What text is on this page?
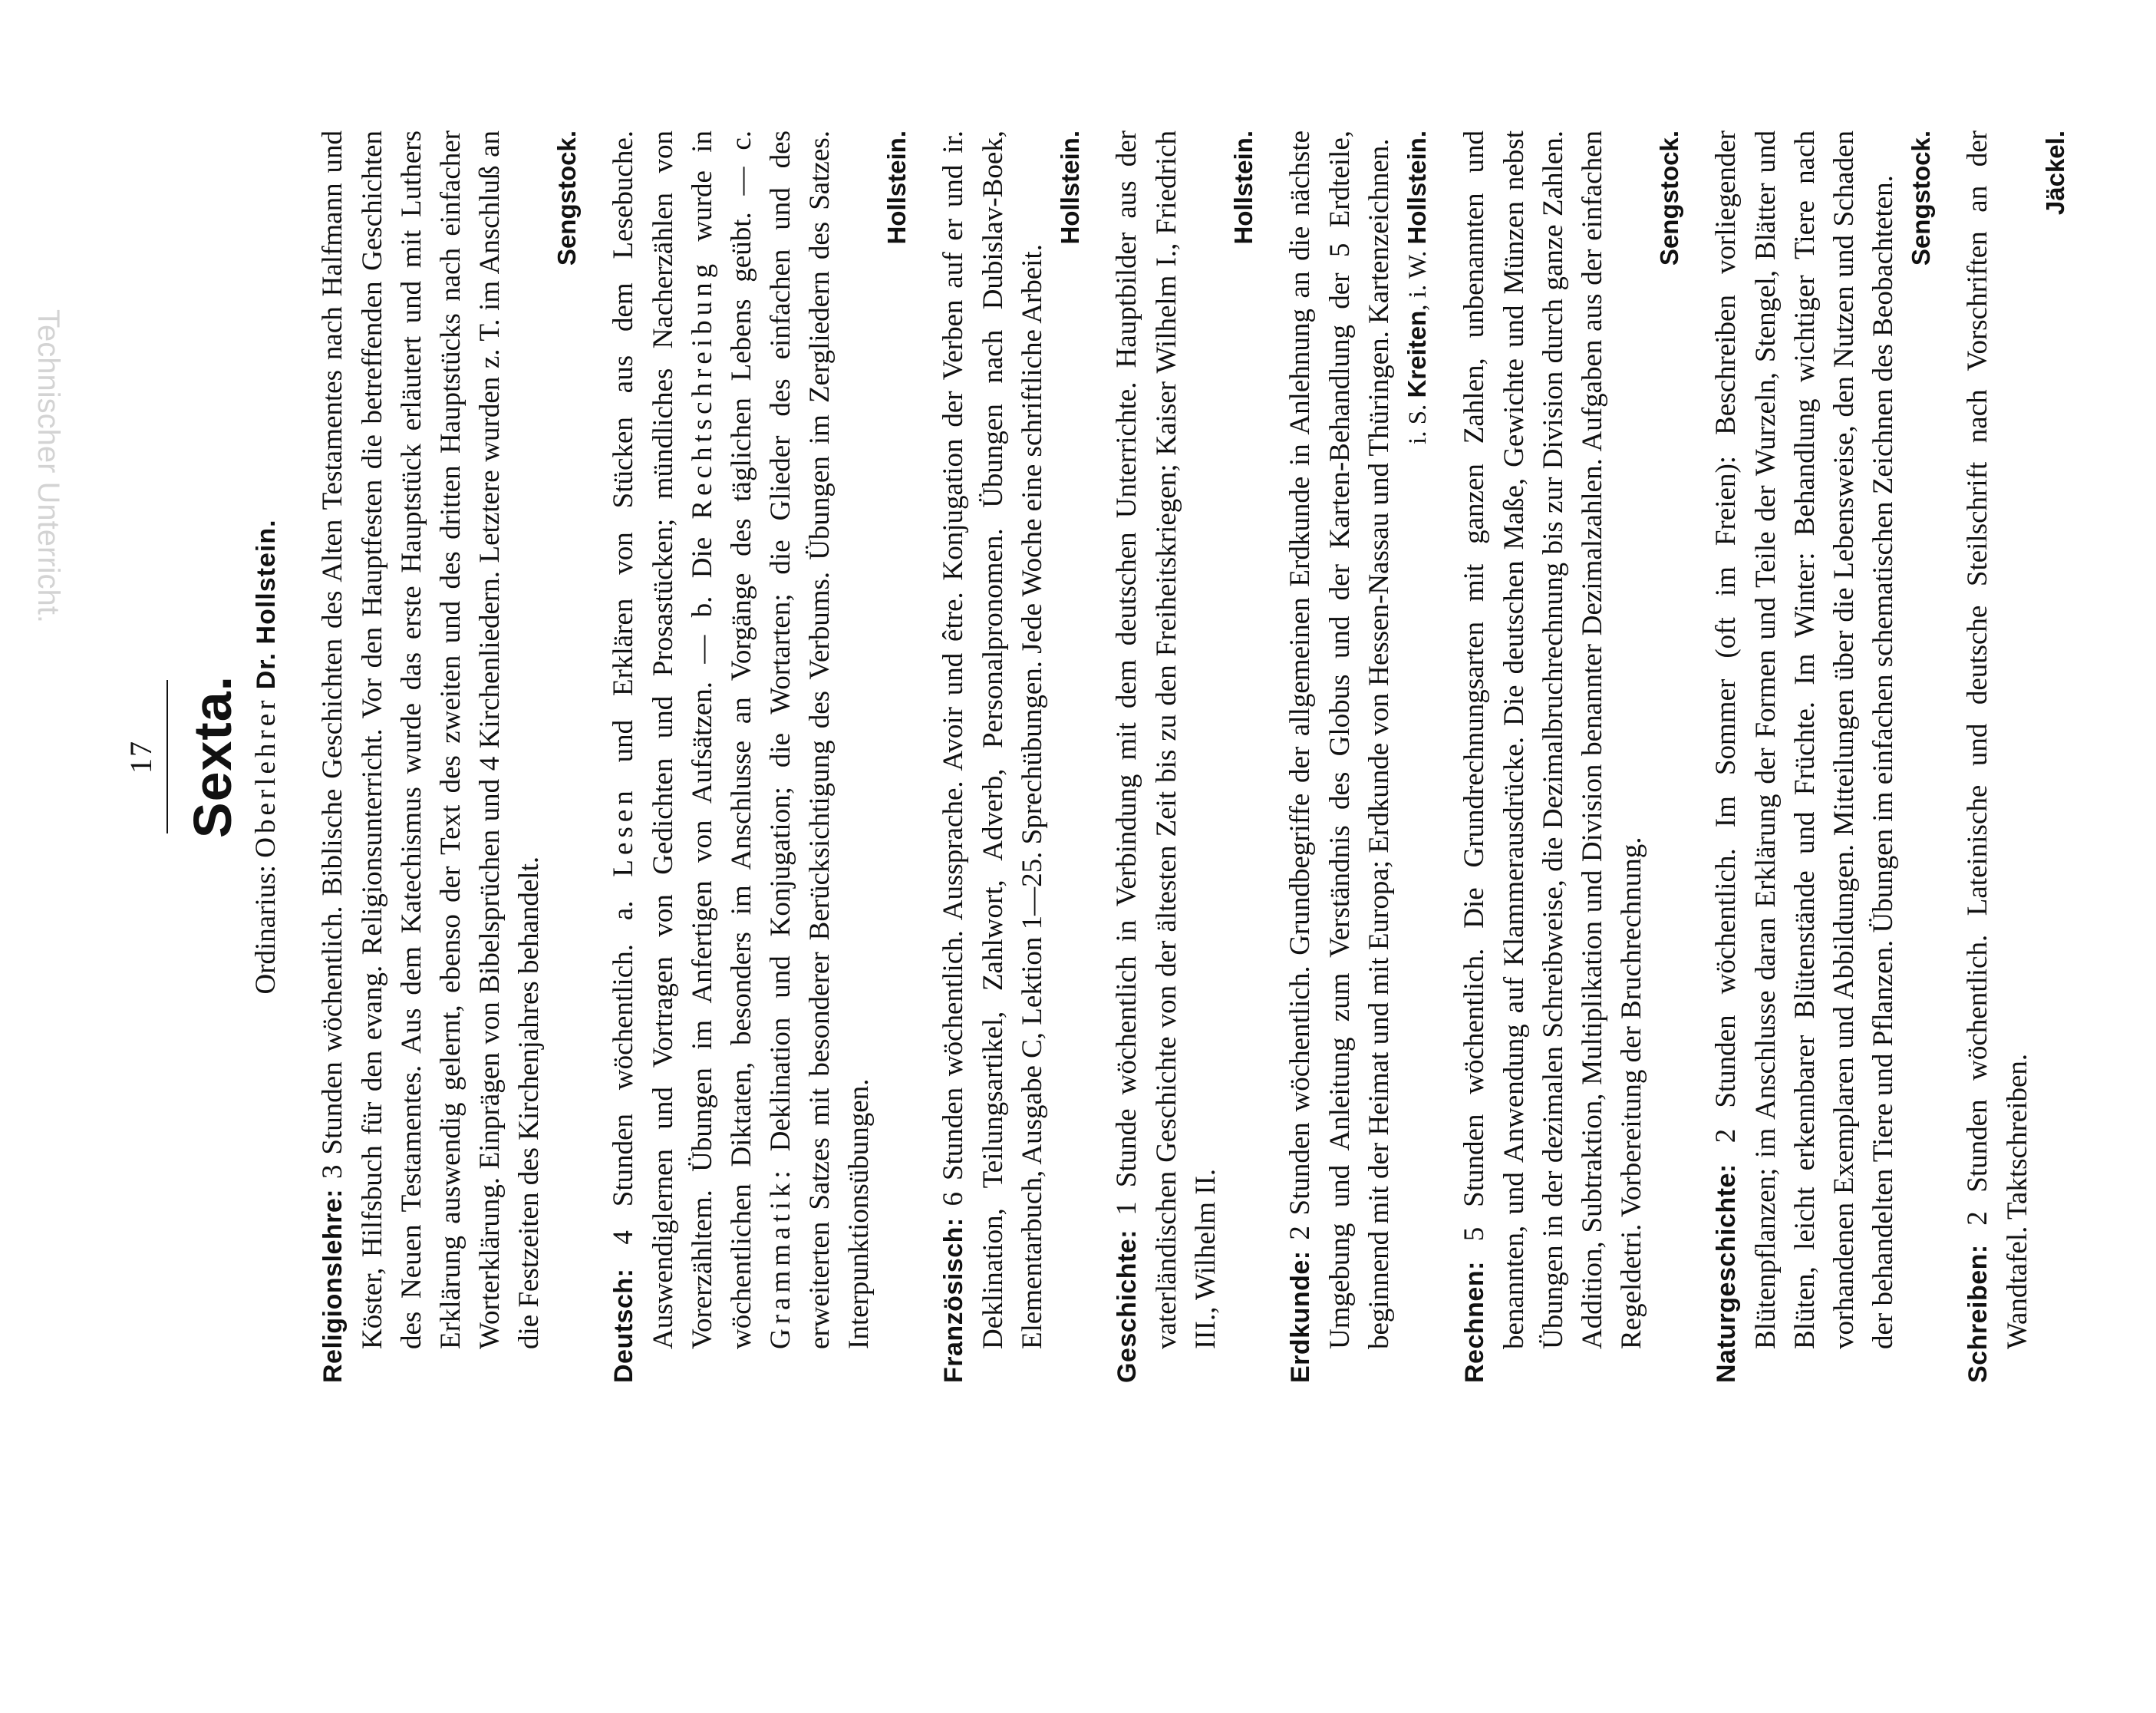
Technischer Unterricht.
17 Sexta.
Ordinarius: Oberlehrer Dr. Hollstein.

Religionslehre: 3 Stunden wöchentlich. Biblische Geschichten des Alten Testamentes nach Halfmann und Köster, Hilfsbuch für den evang. Religionsunterricht. Vor den Hauptfesten die betreffenden Geschichten des Neuen Testamentes. Aus dem Katechismus wurde das erste Hauptstück erläutert und mit Luthers Erklärung auswendig gelernt, ebenso der Text des zweiten und des dritten Hauptstücks nach einfacher Worterklärung. Einprägen von Bibelsprüchen und 4 Kirchenliedern. Letztere wurden z. T. im Anschluß an die Festzeiten des Kirchenjahres behandelt.
Sengstock.

Deutsch: 4 Stunden wöchentlich. a. Lesen und Erklären von Stücken aus dem Lesebuche. Auswendiglernen und Vortragen von Gedichten und Prosastücken; mündliches Nacherzählen von Vorerzähltem. Übungen im Anfertigen von Aufsätzen. — b. Die Rechtschreibung wurde in wöchentlichen Diktaten, besonders im Anschlusse an Vorgänge des täglichen Lebens geübt. — c. Grammatik: Deklination und Konjugation; die Wortarten; die Glieder des einfachen und des erweiterten Satzes mit besonderer Berücksichtigung des Verbums. Übungen im Zergliedern des Satzes. Interpunktionsübungen.
Hollstein.

Französisch: 6 Stunden wöchentlich. Aussprache. Avoir und être. Konjugation der Verben auf er und ir. Deklination, Teilungsartikel, Zahlwort, Adverb, Personalpronomen. Übungen nach Dubislav-Boek, Elementarbuch, Ausgabe C, Lektion 1—25. Sprechübungen. Jede Woche eine schriftliche Arbeit.
Hollstein.

Geschichte: 1 Stunde wöchentlich in Verbindung mit dem deutschen Unterrichte. Hauptbilder aus der vaterländischen Geschichte von der ältesten Zeit bis zu den Freiheitskriegen; Kaiser Wilhelm I., Friedrich III., Wilhelm II.
Hollstein.

Erdkunde: 2 Stunden wöchentlich. Grundbegriffe der allgemeinen Erdkunde in Anlehnung an die nächste Umgebung und Anleitung zum Verständnis des Globus und der Karten-Behandlung der 5 Erdteile, beginnend mit der Heimat und mit Europa; Erdkunde von Hessen-Nassau und Thüringen. Kartenzeichnen. i. S. Kreiten, i. W. Hollstein.

Rechnen: 5 Stunden wöchentlich. Die Grundrechnungsarten mit ganzen Zahlen, unbenannten und benannten, und Anwendung auf Klammerausdrücke. Die deutschen Maße, Gewichte und Münzen nebst Übungen in der dezimalen Schreibweise, die Dezimalbruchrechnung bis zur Division durch ganze Zahlen. Addition, Subtraktion, Multiplikation und Division benannter Dezimalzahlen. Aufgaben aus der einfachen Regeldetri. Vorbereitung der Bruchrechnung.
Sengstock.

Naturgeschichte: 2 Stunden wöchentlich. Im Sommer (oft im Freien): Beschreiben vorliegender Blütenpflanzen; im Anschlusse daran Erklärung der Formen und Teile der Wurzeln, Stengel, Blätter und Blüten, leicht erkennbarer Blütenstände und Früchte. Im Winter: Behandlung wichtiger Tiere nach vorhandenen Exemplaren und Abbildungen. Mitteilungen über die Lebensweise, den Nutzen und Schaden der behandelten Tiere und Pflanzen. Übungen im einfachen schematischen Zeichnen des Beobachteten. Sengstock.

Schreiben: 2 Stunden wöchentlich. Lateinische und deutsche Steilschrift nach Vorschriften an der Wandtafel. Taktschreiben.
Jäckel.
